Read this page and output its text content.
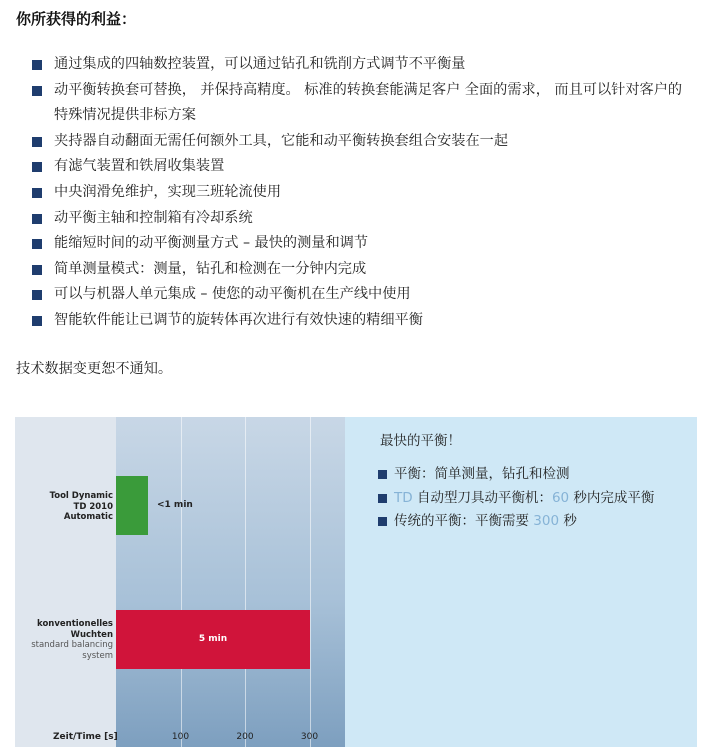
你所获得的利益：
通过集成的四轴数控装置，可以通过钻孔和铣削方式调节不平衡量
动平衡转换套可替换， 并保持高精度。 标准的转换套能满足客户 全面的需求， 而且可以针对客户的特殊情况提供非标方案
夹持器自动翻面无需任何额外工具，它能和动平衡转换套组合安装在一起
有滤气装置和铁屑收集装置
中央润滑免维护，实现三班轮流使用
动平衡主轴和控制箱有冷却系统
能缩短时间的动平衡测量方式 – 最快的测量和调节
简单测量模式：测量，钻孔和检测在一分钟内完成
可以与机器人单元集成 – 使您的动平衡机在生产线中使用
智能软件能让已调节的旋转体再次进行有效快速的精细平衡
技术数据变更恕不通知。
<1 min
5 min
Tool Dynamic
TD 2010
Automatic
konventionelles
Wuchten
standard balancing
system
Zeit/Time [s]	100	200	300
最快的平衡！
平衡：简单测量，钻孔和检测
TD 自动型刀具动平衡机：60 秒内完成平衡
传统的平衡：平衡需要 300 秒
